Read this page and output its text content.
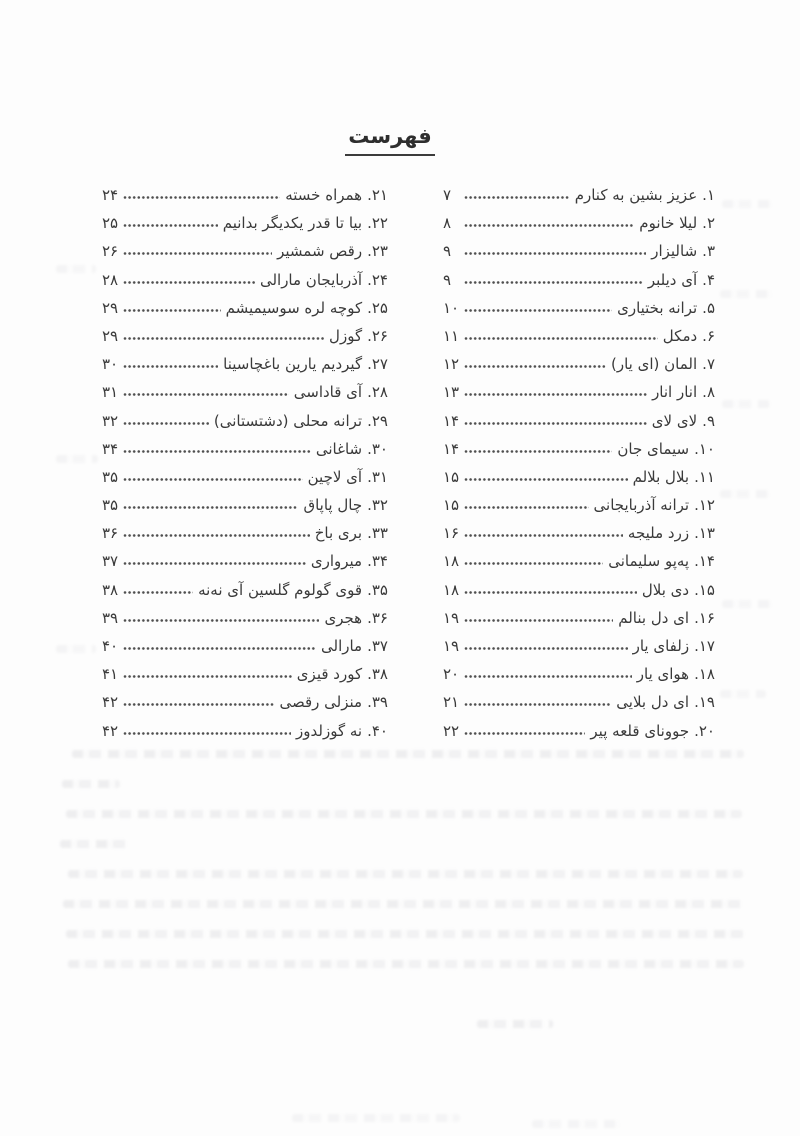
فهرست
۱.
عزیز بشین به کنارم
۷
۲.
لیلا خانوم
۸
۳.
شالیزار
۹
۴.
آی دیلبر
۹
۵.
ترانه بختیاری
۱۰
۶.
دمکل
۱۱
۷.
المان (ای یار)
۱۲
۸.
انار انار
۱۳
۹.
لای لای
۱۴
۱۰.
سیمای جان
۱۴
۱۱.
بلال بلالم
۱۵
۱۲.
ترانه آذربایجانی
۱۵
۱۳.
زرد ملیجه
۱۶
۱۴.
په‌پو سلیمانی
۱۸
۱۵.
دی بلال
۱۸
۱۶.
ای دل بنالم
۱۹
۱۷.
زلفای یار
۱۹
۱۸.
هوای یار
۲۰
۱۹.
ای دل بلایی
۲۱
۲۰.
جوونای قلعه پیر
۲۲
۲۱.
همراه خسته
۲۴
۲۲.
بیا تا قدر یکدیگر بدانیم
۲۵
۲۳.
رقص شمشیر
۲۶
۲۴.
آذربایجان مارالی
۲۸
۲۵.
کوچه لره سوسیمیشم
۲۹
۲۶.
گوزل
۲۹
۲۷.
گیردیم یارین باغچاسینا
۳۰
۲۸.
آی قاداسی
۳۱
۲۹.
ترانه محلی (دشتستانی)
۳۲
۳۰.
شاغانی
۳۴
۳۱.
آی لاچین
۳۵
۳۲.
چال پاپاق
۳۵
۳۳.
بری باخ
۳۶
۳۴.
میرواری
۳۷
۳۵.
قوی گولوم گلسین آی نه‌نه
۳۸
۳۶.
هجری
۳۹
۳۷.
مارالی
۴۰
۳۸.
کورد قیزی
۴۱
۳۹.
منزلی رقصی
۴۲
۴۰.
نه گوزلدوز
۴۲
